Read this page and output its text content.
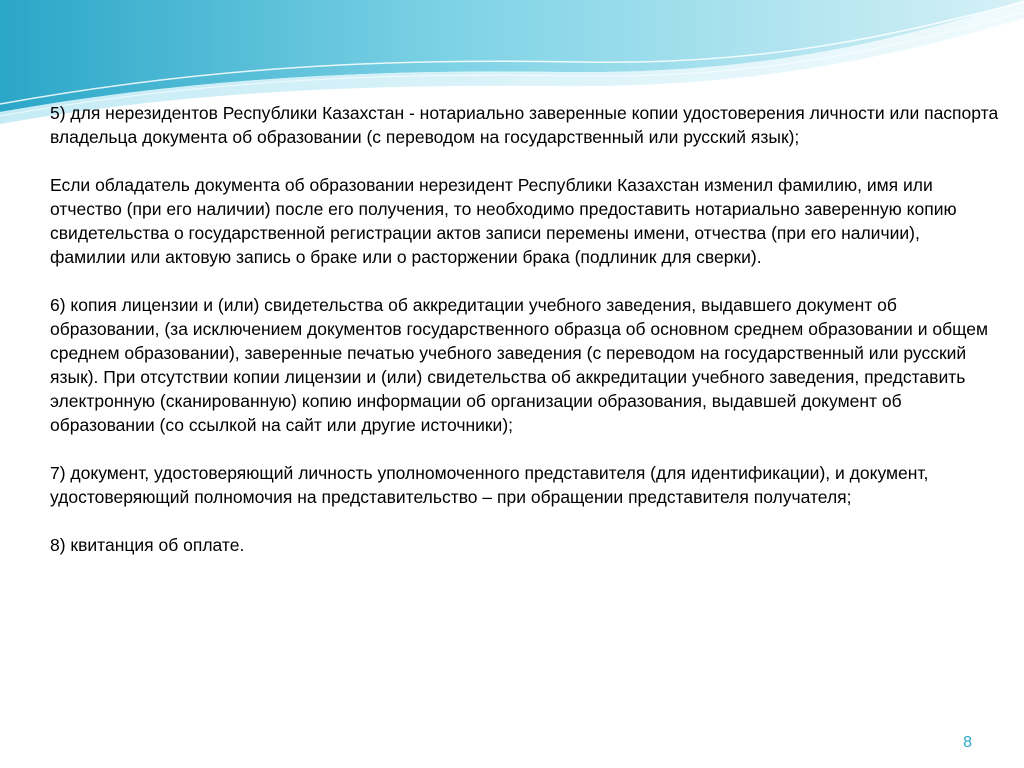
5) для нерезидентов Республики Казахстан - нотариально заверенные копии удостоверения личности или паспорта владельца документа об образовании (с переводом на государственный или русский язык);

Если обладатель документа об образовании нерезидент Республики Казахстан изменил фамилию, имя или отчество (при его наличии) после его получения, то необходимо предоставить нотариально заверенную копию свидетельства о государственной регистрации актов записи перемены имени, отчества (при его наличии), фамилии или актовую запись о браке или о расторжении брака (подлиник для сверки).

6) копия лицензии и (или) свидетельства об аккредитации учебного заведения, выдавшего документ об образовании, (за исключением документов государственного образца об основном среднем образовании и общем среднем образовании), заверенные печатью учебного заведения (с переводом на государственный или русский язык). При отсутствии копии лицензии и (или) свидетельства об аккредитации учебного заведения, представить электронную (сканированную) копию информации об организации образования, выдавшей документ об образовании (со ссылкой на сайт или другие источники);

7) документ, удостоверяющий личность уполномоченного представителя (для идентификации), и документ, удостоверяющий полномочия на представительство – при обращении представителя получателя;

8) квитанция об оплате.

8
